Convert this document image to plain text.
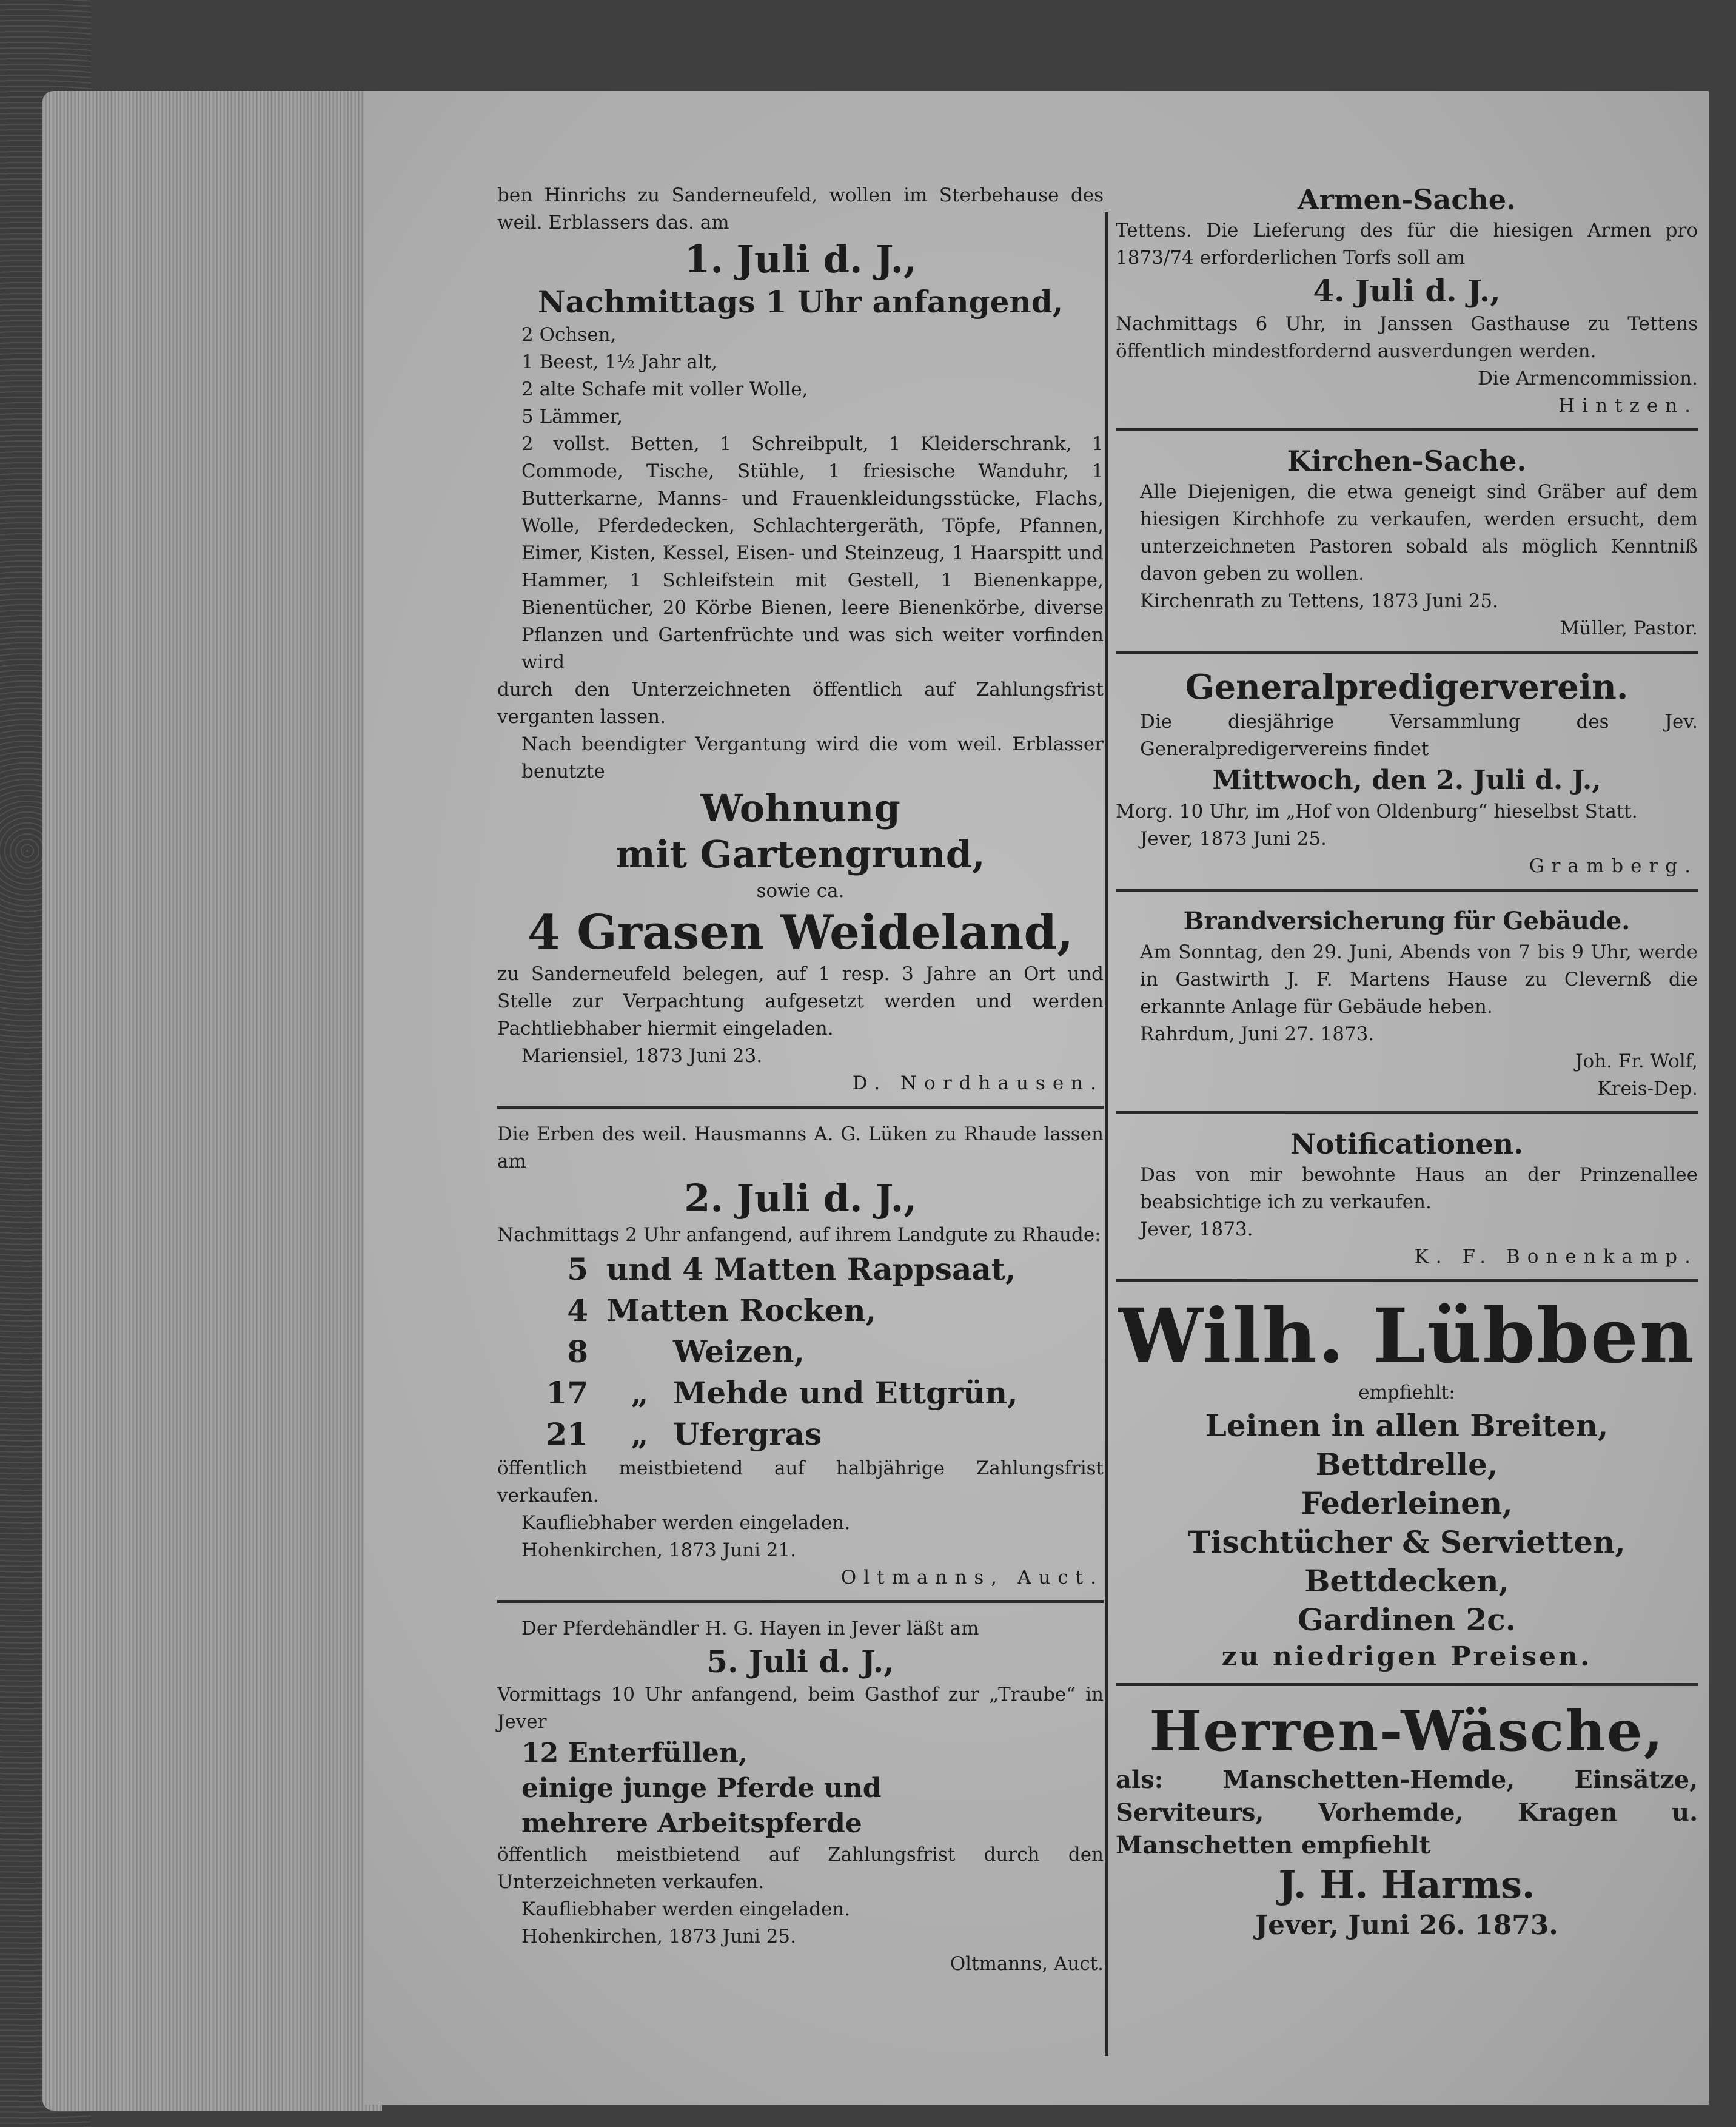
ben Hinrichs zu Sanderneufeld, wollen im Sterbehause des weil. Erblassers das. am
1. Juli d. J.,
Nachmittags 1 Uhr anfangend,
2 Ochsen,
1 Beest, 1½ Jahr alt,
2 alte Schafe mit voller Wolle,
5 Lämmer,
2 vollst. Betten, 1 Schreibpult, 1 Kleiderschrank, 1 Commode, Tische, Stühle, 1 friesische Wanduhr, 1 Butterkarne, Manns- und Frauenkleidungsstücke, Flachs, Wolle, Pferdedecken, Schlachtergeräth, Töpfe, Pfannen, Eimer, Kisten, Kessel, Eisen- und Steinzeug, 1 Haarspitt und Hammer, 1 Schleifstein mit Gestell, 1 Bienenkappe, Bienentücher, 20 Körbe Bienen, leere Bienenkörbe, diverse Pflanzen und Gartenfrüchte und was sich weiter vorfinden wird
durch den Unterzeichneten öffentlich auf Zahlungsfrist verganten lassen.
Nach beendigter Vergantung wird die vom weil. Erblasser benutzte
Wohnung
mit Gartengrund,
sowie ca.
4 Grasen Weideland,
zu Sanderneufeld belegen, auf 1 resp. 3 Jahre an Ort und Stelle zur Verpachtung aufgesetzt werden und werden Pachtliebhaber hiermit eingeladen.
Mariensiel, 1873 Juni 23.
D. Nordhausen.
Die Erben des weil. Hausmanns A. G. Lüken zu Rhaude lassen am
2. Juli d. J.,
Nachmittags 2 Uhr anfangend, auf ihrem Landgute zu Rhaude:
5 und 4 Matten Rappsaat,
4 Matten Rocken,
8	Weizen,
17	„ Mehde und Ettgrün,
21	„ Ufergras
öffentlich meistbietend auf halbjährige Zahlungsfrist verkaufen.
Kaufliebhaber werden eingeladen.
Hohenkirchen, 1873 Juni 21.
Oltmanns, Auct.
Der Pferdehändler H. G. Hayen in Jever läßt am
5. Juli d. J.,
Vormittags 10 Uhr anfangend, beim Gasthof zur „Traube“ in Jever
12 Enterfüllen,
einige junge Pferde und
mehrere Arbeitspferde
öffentlich meistbietend auf Zahlungsfrist durch den Unterzeichneten verkaufen.
Kaufliebhaber werden eingeladen.
Hohenkirchen, 1873 Juni 25.
Oltmanns, Auct.
Armen-Sache.
Tettens. Die Lieferung des für die hiesigen Armen pro 1873/74 erforderlichen Torfs soll am
4. Juli d. J.,
Nachmittags 6 Uhr, in Janssen Gasthause zu Tettens öffentlich mindestfordernd ausverdungen werden.
Die Armencommission.
Hintzen.
Kirchen-Sache.
Alle Diejenigen, die etwa geneigt sind Gräber auf dem hiesigen Kirchhofe zu verkaufen, werden ersucht, dem unterzeichneten Pastoren sobald als möglich Kenntniß davon geben zu wollen.
Kirchenrath zu Tettens, 1873 Juni 25.
Müller, Pastor.
Generalpredigerverein.
Die diesjährige Versammlung des Jev. Generalpredigervereins findet
Mittwoch, den 2. Juli d. J.,
Morg. 10 Uhr, im „Hof von Oldenburg“ hieselbst Statt.
Jever, 1873 Juni 25.
Gramberg.
Brandversicherung für Gebäude.
Am Sonntag, den 29. Juni, Abends von 7 bis 9 Uhr, werde in Gastwirth J. F. Martens Hause zu Clevernß die erkannte Anlage für Gebäude heben.
Rahrdum, Juni 27. 1873.
Joh. Fr. Wolf,
Kreis-Dep.
Notificationen.
Das von mir bewohnte Haus an der Prinzenallee beabsichtige ich zu verkaufen.
Jever, 1873.
K. F. Bonenkamp.
Wilh. Lübben
empfiehlt:
Leinen in allen Breiten,
Bettdrelle,
Federleinen,
Tischtücher & Servietten,
Bettdecken,
Gardinen 2c.
zu niedrigen Preisen.
Herren-Wäsche,
als: Manschetten-Hemde, Einsätze, Serviteurs, Vorhemde, Kragen u. Manschetten empfiehlt
J. H. Harms.
Jever, Juni 26. 1873.
